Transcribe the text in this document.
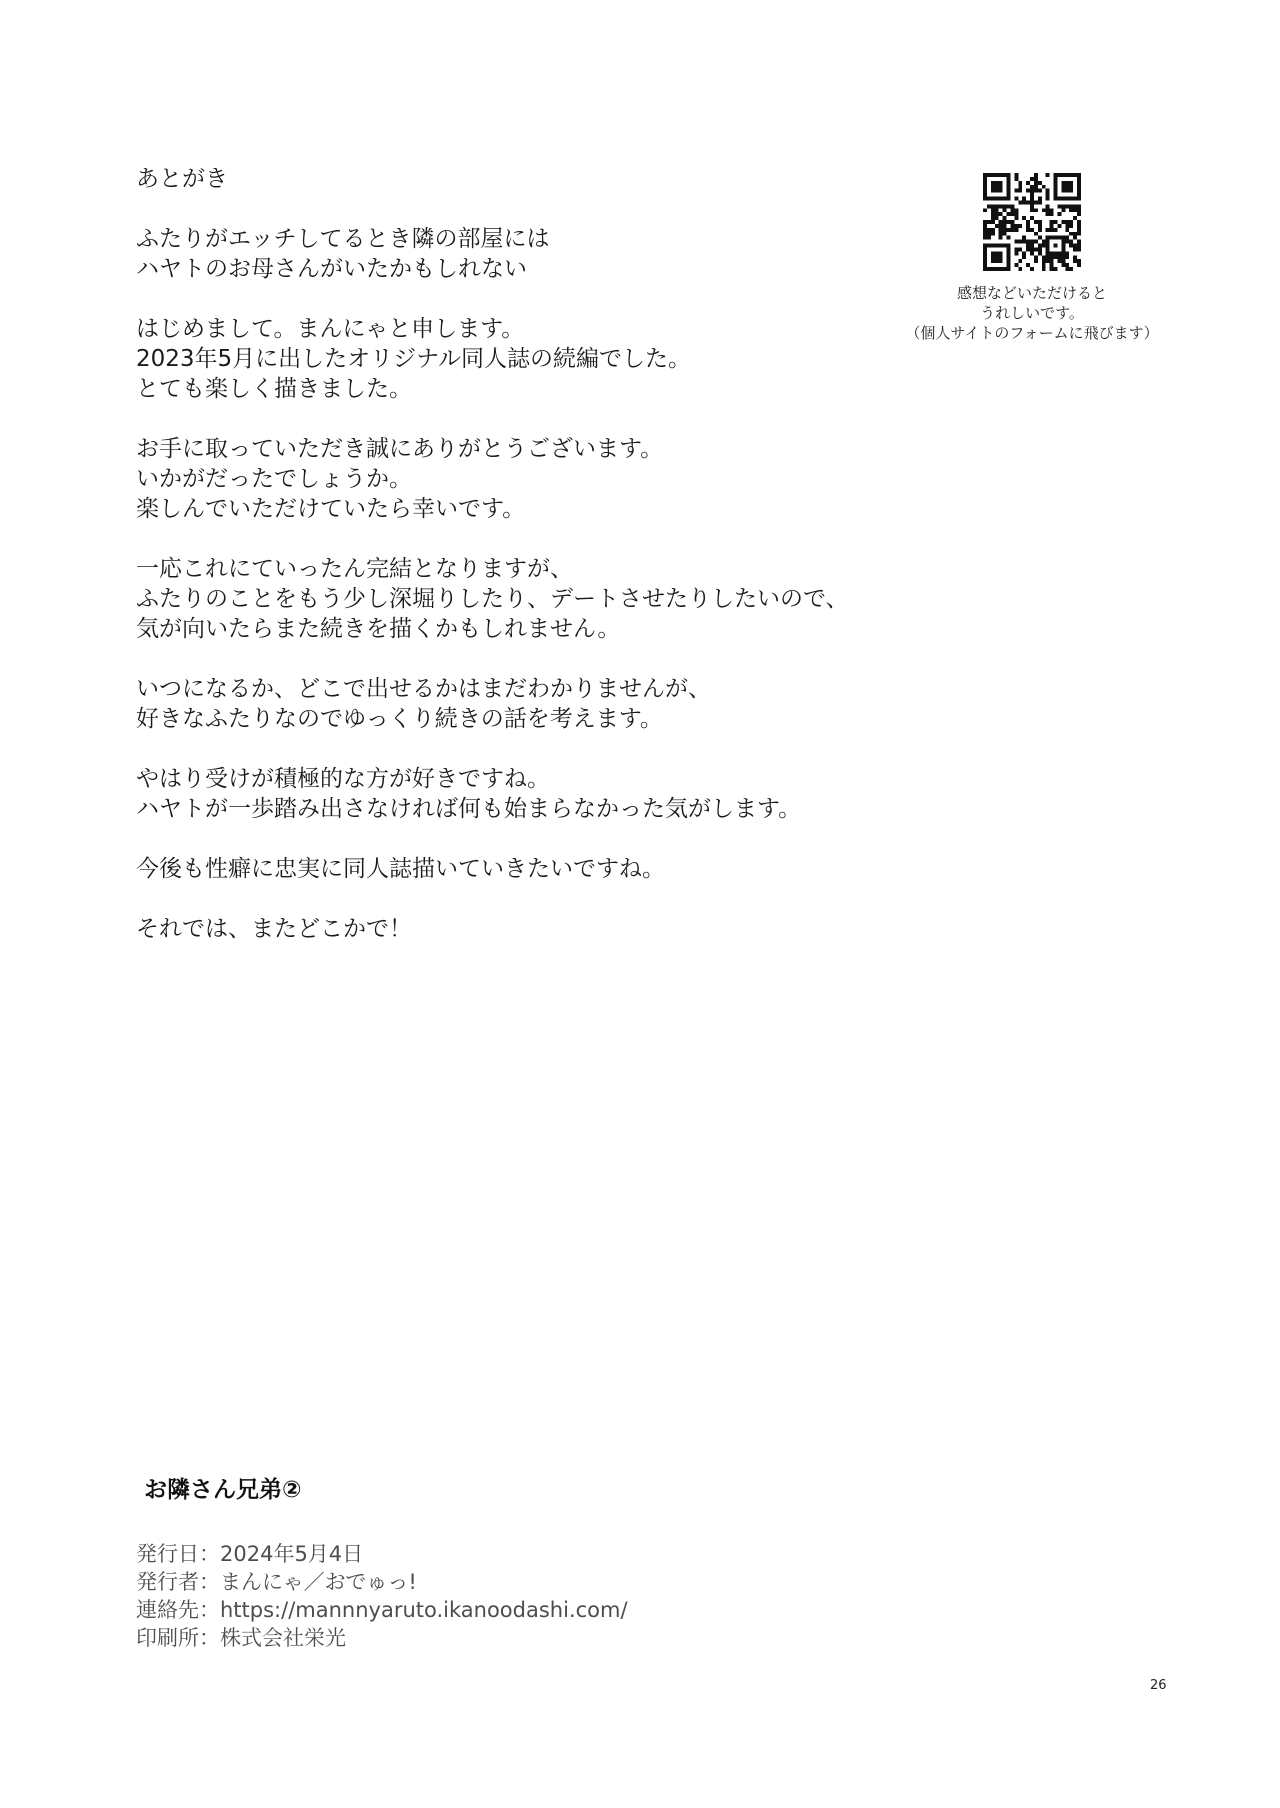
あとがき
ふたりがエッチしてるとき隣の部屋には
ハヤトのお母さんがいたかもしれない
はじめまして。まんにゃと申します。
2023年5月に出したオリジナル同人誌の続編でした。
とても楽しく描きました。
お手に取っていただき誠にありがとうございます。
いかがだったでしょうか。
楽しんでいただけていたら幸いです。
一応これにていったん完結となりますが、
ふたりのことをもう少し深堀りしたり、デートさせたりしたいので、
気が向いたらまた続きを描くかもしれません。
いつになるか、どこで出せるかはまだわかりませんが、
好きなふたりなのでゆっくり続きの話を考えます。
やはり受けが積極的な方が好きですね。
ハヤトが一歩踏み出さなければ何も始まらなかった気がします。
今後も性癖に忠実に同人誌描いていきたいですね。
それでは、またどこかで！
感想などいただけると
うれしいです。
（個人サイトのフォームに飛びます）
お隣さん兄弟②
発行日：2024年5月4日
発行者：まんにゃ／おでゅっ!
連絡先：https://mannnyaruto.ikanoodashi.com/
印刷所：株式会社栄光
26
